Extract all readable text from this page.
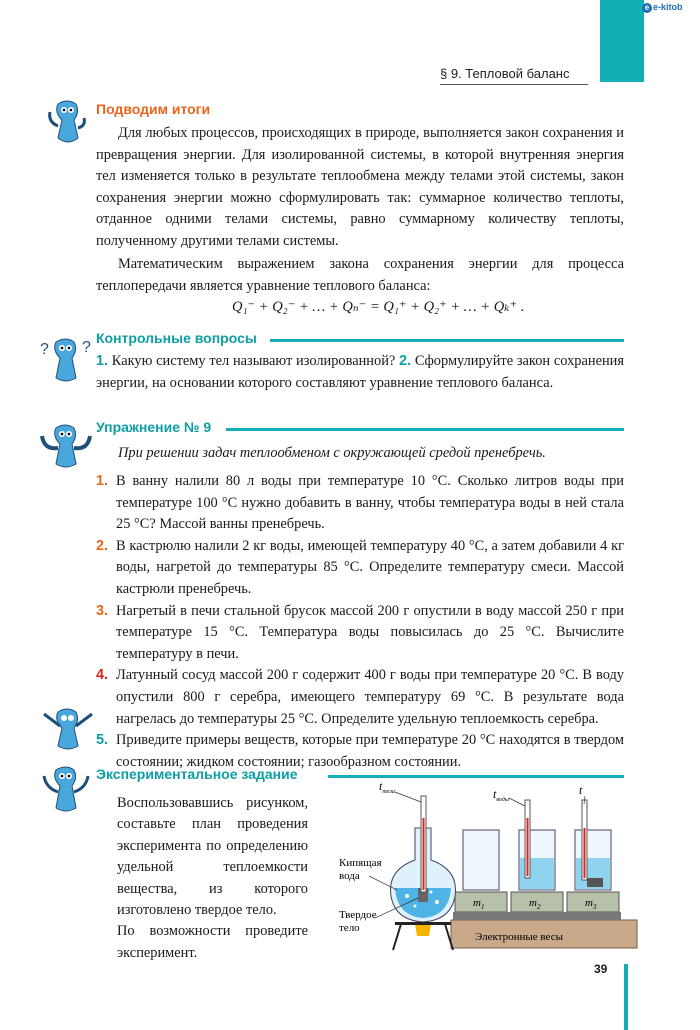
e e-kitob
§ 9. Тепловой баланс
Подводим итоги

Для любых процессов, происходящих в природе, выполняется закон сохранения и превращения энергии. Для изолированной системы, в которой внутренняя энергия тел изменяется только в результате теплообмена между телами этой системы, закон сохранения энергии можно сформулировать так: суммарное количество теплоты, отданное одними телами системы, равно суммарному количеству теплоты, полученному другими телами системы.

Математическим выражением закона сохранения энергии для процесса теплопередачи является уравнение теплового баланса:

Q₁⁻ + Q₂⁻ + … + Qₙ⁻ = Q₁⁺ + Q₂⁺ + … + Qₖ⁺ .
? ?
Контрольные вопросы

1. Какую систему тел называют изолированной? 2. Сформулируйте закон сохранения энергии, на основании которого составляют уравнение теплового баланса.

Упражнение № 9

При решении задач теплообменом с окружающей средой пренебречь.

1. В ванну налили 80 л воды при температуре 10 °С. Сколько литров воды при температуре 100 °С нужно добавить в ванну, чтобы температура воды в ней стала 25 °С? Массой ванны пренебречь.
2. В кастрюлю налили 2 кг воды, имеющей температуру 40 °С, а затем добавили 4 кг воды, нагретой до температуры 85 °С. Определите температуру смеси. Массой кастрюли пренебречь.
3. Нагретый в печи стальной брусок массой 200 г опустили в воду массой 250 г при температуре 15 °С. Температура воды повысилась до 25 °С. Вычислите температуру в печи.
4. Латунный сосуд массой 200 г содержит 400 г воды при температуре 20 °С. В воду опустили 800 г серебра, имеющего температуру 69 °С. В результате вода нагрелась до температуры 25 °С. Определите удельную теплоемкость серебра.
5. Приведите примеры веществ, которые при температуре 20 °С находятся в твердом состоянии; жидком состоянии; газообразном состоянии.
Экспериментальное задание

Воспользовавшись рисунком, составьте план проведения эксперимента по определению удельной теплоемкости вещества, из которого изготовлено твердое тело.
По возможности проведите эксперимент.

$t_{тела}$	$t_{воды}$
t
Кипящая вода
Твердое тело
$m_1$	$m_2$	$m_3$
Электронные весы
39
